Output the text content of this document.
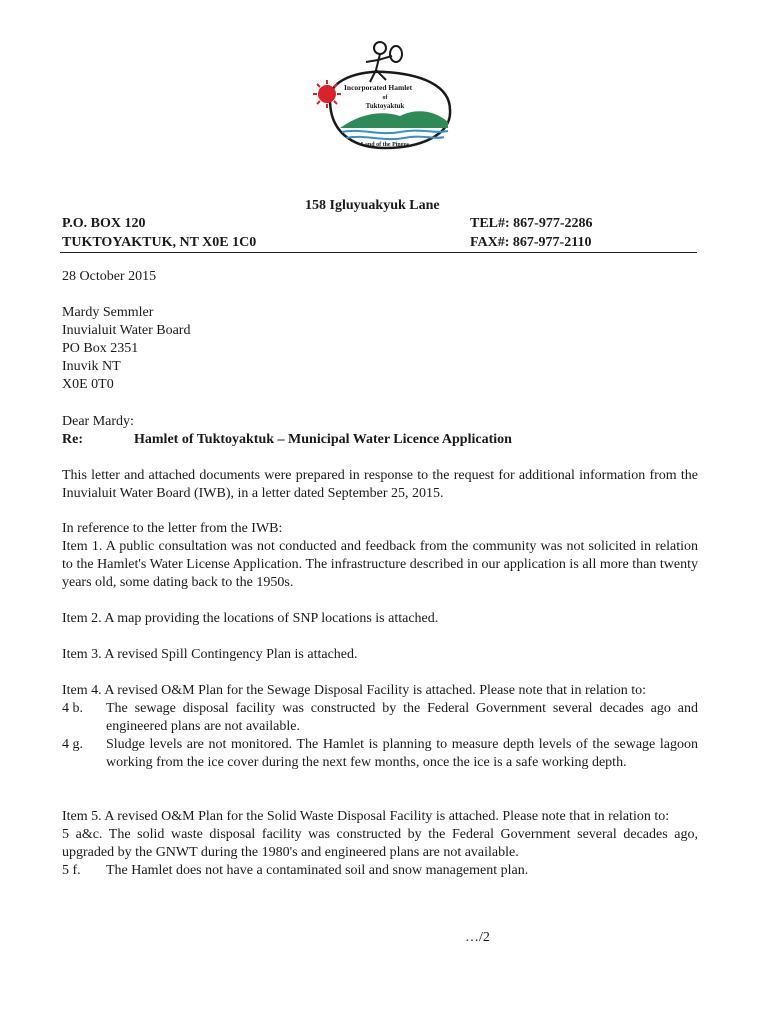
Incorporated Hamlet
of
Tuktoyaktuk
Land of the Pingos
158 Igluyuakyuk Lane
P.O. BOX 120
TUKTOYAKTUK, NT X0E 1C0
TEL#: 867-977-2286
FAX#: 867-977-2110
28 October 2015
Mardy Semmler
Inuvialuit Water Board
PO Box 2351
Inuvik NT
X0E 0T0
Dear Mardy:
Re:	Hamlet of Tuktoyaktuk – Municipal Water Licence Application

This letter and attached documents were prepared in response to the request for additional information from the Inuvialuit Water Board (IWB), in a letter dated September 25, 2015.

In reference to the letter from the IWB:
Item 1. A public consultation was not conducted and feedback from the community was not solicited in relation to the Hamlet's Water License Application. The infrastructure described in our application is all more than twenty years old, some dating back to the 1950s.

Item 2. A map providing the locations of SNP locations is attached.

Item 3. A revised Spill Contingency Plan is attached.

Item 4. A revised O&M Plan for the Sewage Disposal Facility is attached. Please note that in relation to:
4 b.	The sewage disposal facility was constructed by the Federal Government several decades ago and engineered plans are not available.
4 g.	Sludge levels are not monitored. The Hamlet is planning to measure depth levels of the sewage lagoon working from the ice cover during the next few months, once the ice is a safe working depth.
Item 5. A revised O&M Plan for the Solid Waste Disposal Facility is attached. Please note that in relation to:
5 a&c. The solid waste disposal facility was constructed by the Federal Government several decades ago, upgraded by the GNWT during the 1980's and engineered plans are not available.
5 f.	The Hamlet does not have a contaminated soil and snow management plan.
…/2
